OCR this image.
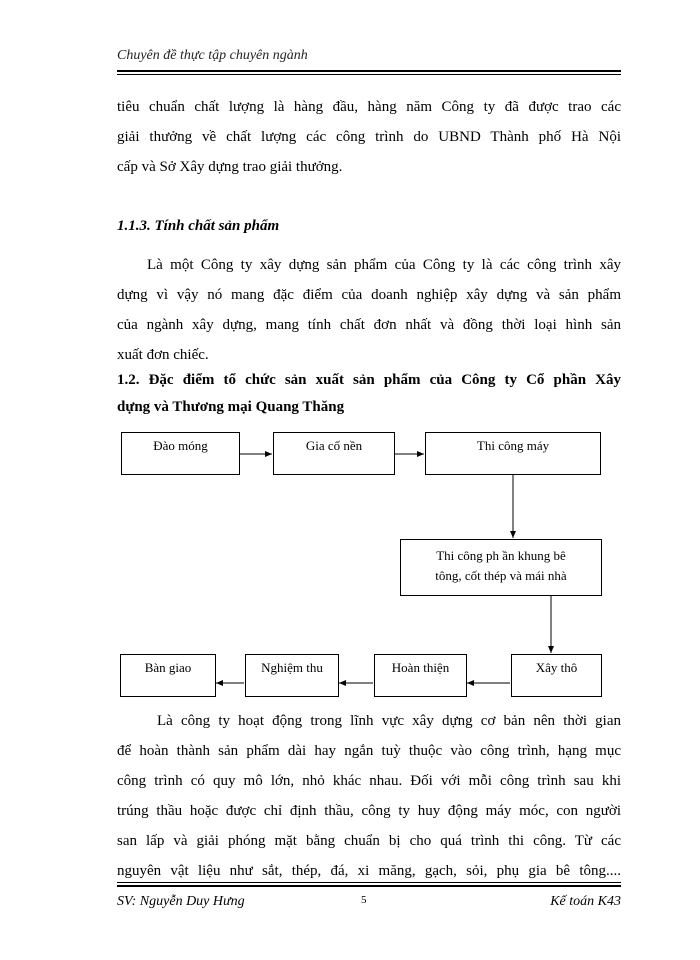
Chuyên đề thực tập chuyên ngành
tiêu chuẩn chất lượng là hàng đầu, hàng năm Công ty đã được trao các
giải thưởng về chất lượng các công trình do UBND Thành phố Hà Nội
cấp và Sở Xây dựng trao giải thưởng.
1.1.3. Tính chất sản phẩm
Là một Công ty xây dựng sản phẩm của Công ty là các công trình xây
dựng vì vậy nó mang đặc điểm của doanh nghiệp xây dựng và sản phẩm
của ngành xây dựng, mang tính chất đơn nhất và đồng thời loại hình sản
xuất đơn chiếc.
1.2. Đặc điểm tổ chức sản xuất sản phẩm của Công ty Cổ phần Xây
dựng và Thương mại Quang Thăng
Đào móng	Gia cố nền	Thi công máy
Thi công ph ần khung bê
tông, cốt thép và mái nhà
Xây thô
Hoàn thiện
Nghiệm thu
Bàn giao
Là công ty hoạt động trong lĩnh vực xây dựng cơ bản nên thời gian
để hoàn thành sản phẩm dài hay ngắn tuỳ thuộc vào công trình, hạng mục
công trình có quy mô lớn, nhỏ khác nhau. Đối với mỗi công trình sau khi
trúng thầu hoặc được chỉ định thầu, công ty huy động máy móc, con người
san lấp và giải phóng mặt bằng chuẩn bị cho quá trình thi công. Từ các
nguyên vật liệu như sắt, thép, đá, xi măng, gạch, sỏi, phụ gia bê tông....
SV: Nguyễn Duy Hưng	5	Kế toán K43
